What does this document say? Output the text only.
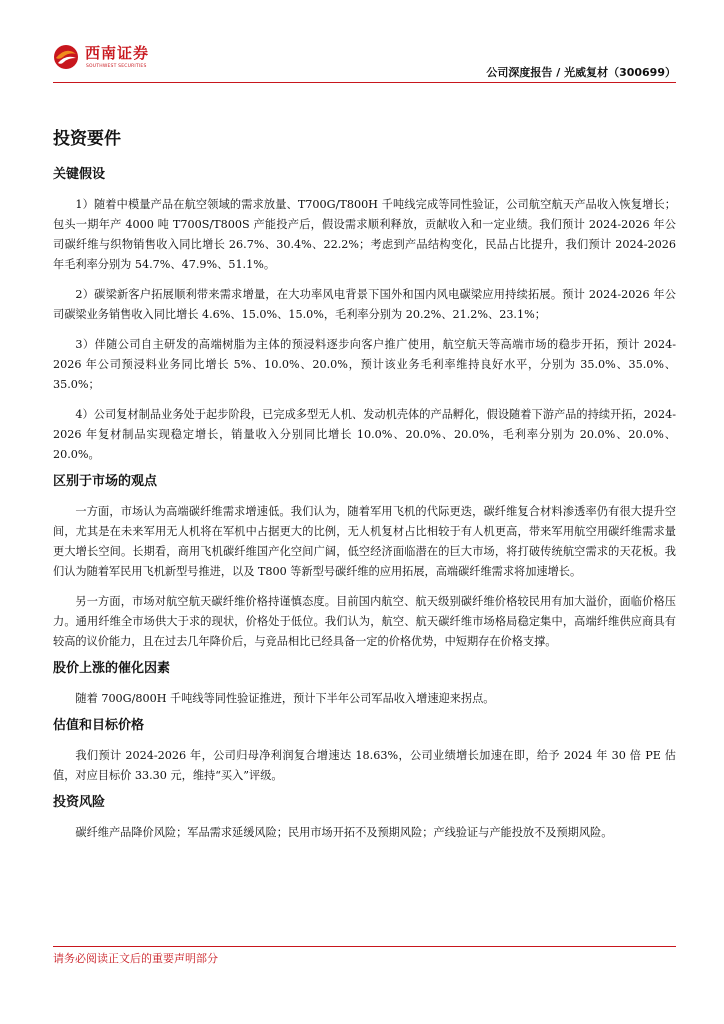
西南证券
SOUTHWEST SECURITIES	公司深度报告 / 光威复材（300699）
投资要件
关键假设

1）随着中模量产品在航空领域的需求放量、T700G/T800H 千吨线完成等同性验证，公司航空航天产品收入恢复增长；包头一期年产 4000 吨 T700S/T800S 产能投产后，假设需求顺利释放，贡献收入和一定业绩。我们预计 2024-2026 年公司碳纤维与织物销售收入同比增长 26.7%、30.4%、22.2%；考虑到产品结构变化，民品占比提升，我们预计 2024-2026 年毛利率分别为 54.7%、47.9%、51.1%。

2）碳梁新客户拓展顺利带来需求增量，在大功率风电背景下国外和国内风电碳梁应用持续拓展。预计 2024-2026 年公司碳梁业务销售收入同比增长 4.6%、15.0%、15.0%，毛利率分别为 20.2%、21.2%、23.1%；

3）伴随公司自主研发的高端树脂为主体的预浸料逐步向客户推广使用，航空航天等高端市场的稳步开拓，预计 2024-2026 年公司预浸料业务同比增长 5%、10.0%、20.0%，预计该业务毛利率维持良好水平，分别为 35.0%、35.0%、35.0%；

4）公司复材制品业务处于起步阶段，已完成多型无人机、发动机壳体的产品孵化，假设随着下游产品的持续开拓，2024-2026 年复材制品实现稳定增长，销量收入分别同比增长 10.0%、20.0%、20.0%，毛利率分别为 20.0%、20.0%、20.0%。

区别于市场的观点

一方面，市场认为高端碳纤维需求增速低。我们认为，随着军用飞机的代际更迭，碳纤维复合材料渗透率仍有很大提升空间，尤其是在未来军用无人机将在军机中占据更大的比例，无人机复材占比相较于有人机更高，带来军用航空用碳纤维需求量更大增长空间。长期看，商用飞机碳纤维国产化空间广阔，低空经济面临潜在的巨大市场，将打破传统航空需求的天花板。我们认为随着军民用飞机新型号推进，以及 T800 等新型号碳纤维的应用拓展，高端碳纤维需求将加速增长。

另一方面，市场对航空航天碳纤维价格持谨慎态度。目前国内航空、航天级别碳纤维价格较民用有加大溢价，面临价格压力。通用纤维全市场供大于求的现状，价格处于低位。我们认为，航空、航天碳纤维市场格局稳定集中，高端纤维供应商具有较高的议价能力，且在过去几年降价后，与竞品相比已经具备一定的价格优势，中短期存在价格支撑。

股价上涨的催化因素

随着 700G/800H 千吨线等同性验证推进，预计下半年公司军品收入增速迎来拐点。

估值和目标价格

我们预计 2024-2026 年，公司归母净利润复合增速达 18.63%，公司业绩增长加速在即，给予 2024 年 30 倍 PE 估值，对应目标价 33.30 元，维持“买入”评级。

投资风险

碳纤维产品降价风险；军品需求延缓风险；民用市场开拓不及预期风险；产线验证与产能投放不及预期风险。

请务必阅读正文后的重要声明部分
